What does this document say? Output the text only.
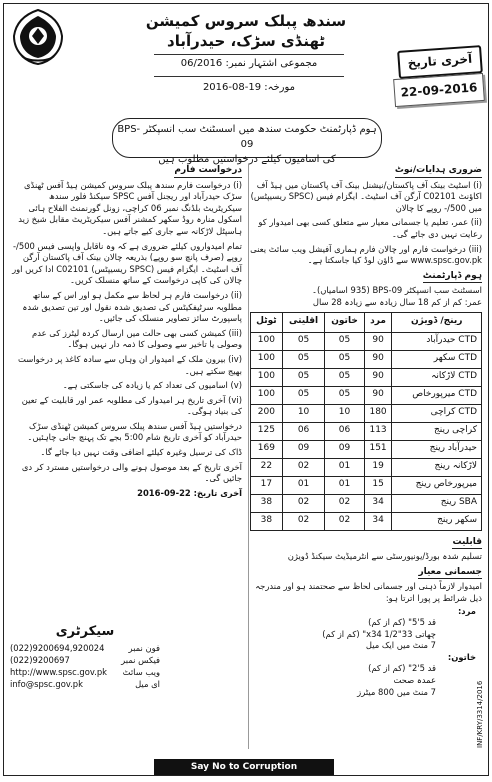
سندھ پبلک سروس کمیشن
ٹھنڈی سڑک، حیدرآباد
مجموعی اشتہار نمبر: 06/2016
مورخہ: 19-08-2016
آخری تاریخ
22-09-2016
ہوم ڈپارٹمنٹ حکومت سندھ میں اسسٹنٹ سب انسپکٹر BPS-09
کی اسامیوں کیلئے درخواستیں مطلوب ہیں
ضروری ہدایات/نوٹ

(i) اسٹیٹ بینک آف پاکستان/نیشنل بینک آف پاکستان میں ہیڈ آف اکاؤنٹ C02101 آرگن آف اسٹیٹ۔ ایگزام فیس (SPSC ریسیپٹس) میں 500/- روپے کا چالان

(ii) عمر، تعلیم یا جسمانی معیار سے متعلق کسی بھی امیدوار کو رعایت نہیں دی جائے گی۔

(iii) درخواست فارم اور چالان فارم ہماری آفیشل ویب سائٹ یعنی www.spsc.gov.pk سے ڈاؤن لوڈ کیا جاسکتا ہے۔

ہوم ڈپارٹمنٹ

اسسٹنٹ سب انسپکٹر BPS-09 (935 اسامیاں)۔

عمر: کم از کم 18 سال زیادہ سے زیادہ 28 سال

رینج/ ڈویژن	مرد	خاتون	اقلیتی	ٹوٹل
CTD حیدرآباد	90	05	05	100
CTD سکھر	90	05	05	100
CTD لاڑکانہ	90	05	05	100
CTD میرپورخاص	90	05	05	100
CTD کراچی	180	10	10	200
کراچی رینج	113	06	06	125
حیدرآباد رینج	151	09	09	169
لاڑکانہ رینج	19	01	02	22
میرپورخاص رینج	15	01	01	17
SBA رینج	34	02	02	38
سکھر رینج	34	02	02	38
قابلیت

تسلیم شدہ بورڈ/یونیورسٹی سے انٹرمیڈیٹ سیکنڈ ڈویژن

جسمانی معیار

امیدوار لازماً ذہنی اور جسمانی لحاظ سے صحتمند ہو اور مندرجہ ذیل شرائط پر پورا اترتا ہو:

مرد:
قد 5'5" (کم از کم)
چھاتی 33"x34 1/2" (کم از کم)
7 منٹ میں ایک میل
خاتون:
قد 5'2" (کم از کم)
عمدہ صحت
7 منٹ میں 800 میٹرز
درخواست فارم

(i) درخواست فارم سندھ پبلک سروس کمیشن ہیڈ آفس ٹھنڈی سڑک حیدرآباد اور ریجنل آفس SPSC سیکنڈ فلور سندھ سیکریٹریٹ بلڈنگ نمبر 06 کراچی، زونل گورنمنٹ الفلاح ہائی اسکول منارہ روڈ سکھر کمشنر آفس سیکریٹریٹ مقابل شیخ زید ہاسپٹل لاڑکانہ سے جاری کیے جاتے ہیں۔

تمام امیدواروں کیلئے ضروری ہے کہ وہ ناقابل واپسی فیس 500/- روپے (صرف پانچ سو روپے) بذریعہ چالان بینک آف پاکستان آرگن آف اسٹیٹ۔ ایگزام فیس (SPSC ریسیپٹس) C02101 ادا کریں اور چالان کی کاپی درخواست کے ساتھ منسلک کریں۔

(ii) درخواست فارم ہر لحاظ سے مکمل ہو اور اس کے ساتھ مطلوبہ سرٹیفکیٹس کی تصدیق شدہ نقول اور تین تصدیق شدہ پاسپورٹ سائز تصاویر منسلک کی جائیں۔

(iii) کمیشن کسی بھی حالت میں ارسال کردہ لیٹرز کی عدم وصولی یا تاخیر سے وصولی کا ذمہ دار نہیں ہوگا۔

(iv) بیرون ملک کے امیدوار ان وہاں سے سادہ کاغذ پر درخواست بھیج سکتے ہیں۔

(v) اسامیوں کی تعداد کم یا زیادہ کی جاسکتی ہے۔

(vi) آخری تاریخ ہر امیدوار کی مطلوبہ عمر اور قابلیت کے تعین کی بنیاد ہوگی۔

درخواستیں ہیڈ آفس سندھ پبلک سروس کمیشن ٹھنڈی سڑک حیدرآباد کو آخری تاریخ شام 5:00 بجے تک پہنچ جانی چاہئیں۔

ڈاک کی ترسیل وغیرہ کیلئے اضافی وقت نہیں دیا جائے گا۔

آخری تاریخ کے بعد موصول ہونے والی درخواستیں مسترد کر دی جائیں گی۔

آخری تاریخ: 22-09-2016

سیکرٹری
فون نمبر
(022)9200694,920024
فیکس نمبر
(022)9200697
ویب سائٹ
http://www.spsc.gov.pk
ای میل
info@spsc.gov.pk
Say No to Corruption
INF/KRY/3314/2016
